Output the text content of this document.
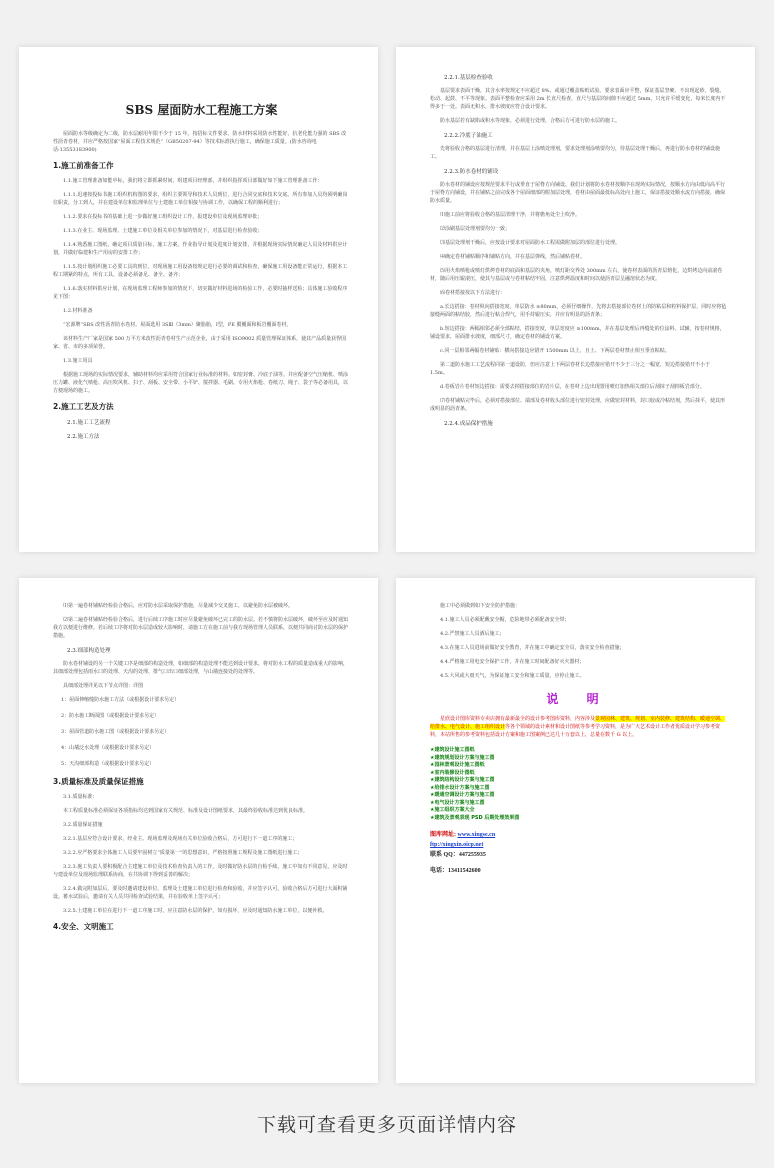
SBS 屋面防水工程施工方案
屋面防水等级确定为二级，防水层耐用年限不少于 15 年。按招标文件要求，防水材料采用防水性能好、抗老化能力强的 SBS 改性沥青卷材，并应严格按国家“屋面工程技术规范”（GB50207-94）等技术标准执行施工，确保施工质量。(防水咨询电话:13553183900)
1.施工前准备工作
1.1.施工管理准备如能中标，我们将立即抓紧时间，组建项目经理部，并组织指挥项目部做好如下施工管理准备工作：
1.1.1.迅速按投标书施工组织机构图的要求，组织主要领导和技术人员到位，进行合同交底和技术交底。所有参加人员均须明确岗位职责，分工到人，并在建设单位和监理单位与土建施工单位相接与协调工作，以确保工程的顺利进行；
1.1.2.要求在投标书的基础上进一步做好施工组织设计工作，报建设单位及现场监理审批；
1.1.3.在业主、现场监理、土建施工单位及相关单位参加的情况下，对基层进行检查验收；
1.1.4.熟悉施工图纸，确定项目质量目标，施工方案，作业指导计划及进度计划安排，并根据现场实际情况确定人员及材料供应计划，并做好临建和生产用房的安排工作；
1.1.5.按计划组织施工必要工具的到位，对现场施工用设备按规定进行必要的调试和检查，确保施工用设备能正常运行，根据本工程工期紧的特点，所有工具、设备必须备足、备全、备齐；
1.1.6.落实材料供应计划，在现场监理工程师参加的情况下，切实做好材料进场的检验工作，必要时抽样送检；具体施工验收程序见下图：
1.2.材料准备
“宏源牌”SBS 改性沥青防水卷材。屋面选用 3SⅢ（3mm）聚脂胎，Ⅰ型，PE 膜覆面和板岩覆面卷材。
该材料生产厂家是国家 500 万平方米改性沥青卷材生产示范企业，由于采用 ISO9002 质量管理保证体系，使其产品质量获得国家、省、市的多项荣誉。
1.3.施工用具
根据施工现场的实际情况要求，辅助材料均应采用符合国家行业标准的材料。如密封膏、冷底子油等。并应配备空气压缩机、喷涂压力罐、液化气喷枪、高压吹风机、扫子、刮板、安全带、小平铲、搅拌器、毛刷、专用火焰枪、卷纸刀、绳子、袋子等必备用具，以方便现场的施工。
2.施工工艺及方法
2.1.施工工艺流程
2.2.施工方法
2.2.1.基层检查验收
基层要求表面干燥，其含水率按规定不应超过 8%，或通过覆盖贴纸试验。要求表面应平整，保证基层坚硬、不出现起砂、裂缝、松动、起鼓、不平等现象。表面平整检查应采用 2m 长直尺检查，直尺与基层的间隙不应超过 5mm，只允许平缓变化，每米长度内不得多于一处。表面无积水，排水坡度应符合设计要求。
防水基层若有缺陷或积水等现象，必须进行处理，合格后方可进行防水层的施工。
2.2.2.冷底子油施工
先将验收合格的基层进行清理，并在基层上涂喷处理剂，要求处理剂涂喷要均匀，待基层处理干燥后，再进行防水卷材的铺设施工。
2.2.3.防水卷材的铺设
防水卷材的铺设应按规范要求平行或垂直于屋脊方向铺设。我们计划将防水卷材按顺序在现场实际情况，按顺水方向由低向高平行于屋脊方向铺设，并在铺贴之前完成各个屋面细部的附加层处理，卷材由屋面最低标高处向上施工，保证搭接处顺水流方向搭接，确保防水质量。
⑴施工前应将验收合格的基层清理干净，并将檐角处尘土吹净。
⑵涂刷基层处理剂要均匀一致；
⑶基层处理剂干燥后，应按设计要求对屋面防水工程需做附加层的部位进行处理。
⑷确定卷材铺贴顺序和铺贴方向，并在基层弹线，然后铺贴卷材。
⑸用火焰喷枪或喷灯烘烤卷材的底面和基层的夹角，喷灯距交界处 300mm 左右，使卷材表面的沥青层熔化，边烘烤边向前滚卷材，随后用压辊滚压，使其与基层或与卷材粘结牢固，注意烘烤温度和时间以使沥青层呈融溶状态为度。
⑹卷材搭接按以下方法进行：
a.长边搭接：卷材纵向搭接宽度，单层防水 ≥80mm，必须仔细操作，先将去搭接部位卷材上的防粘层和粒料保护层，同时应将毡接缝两面的粘结胶，然后进行粘合焊气，用手持辊压实，并应有明显的沥青条；
b.短边搭接：两幅相邻必须全部粘结，搭接宽度，单层宽度应 ≥100mm，并在基层处理后再缝处的位涂料、试辅，按卷材规格，铺设要求，屋面排水坡度，细部尺寸，确定卷材的铺设方案。
c.同一层相邻两幅卷材铺贴：横向搭接边应错开 1500mm 以上，且上、下两层卷材禁止相互垂直粘贴。
第二道防水施工工艺流程同第一道设防，但应注意上下两层卷材长边搭接应错开不少于三分之一幅宽，短边搭接错开不小于 1.5m。
d.卷板岩片卷材短边搭接：需要去掉搭接部位的岩片层，在卷材上边出现置用喷灯加热相关部位后刮抹子刮掉板岩部分。
⑺卷材铺贴完毕后，必须对搭接部位、端部及卷材收头部位进行密封处理，应做密封材料，封口胶或冷粘结剂，然后抹平，使其形成明显的沥青条。
2.2.4.成品保护措施
⑴第一遍卷材铺贴经检验合格后，应对防水层采取保护措施，尽量减少交叉施工，以避免防水层被破坏。
⑵第二遍卷材铺贴经检验合格后，进行后续工序施工时应尽量避免破坏已完工的防水层。若不慎将防水层破坏，破坏至应及时通知我方以便进行维修。若后续工序将对防水层造成较大影响时，请施工方在施工前与我方现场管理人员联系，以便共同商讨防水层的保护措施。
2.3.细部构造处理
防水卷材铺设的另一个关键工序是细部的构造处理，如细部的构造处理不能达到设计要求，将对防水工程的质量造成重大的影响，其细部处理包括雨水口的处理、天沟的处理、排气口出口细部处理，与山墙连接处的处理等。
具细部处理详见以下节点详图：详图
1：屋面伸缩缝防水施工方法（或根据设计要求另定）
2：防水施工断面图（或根据设计要求另定）
3：屋面管道防水施工图（或根据设计要求另定）
4：山墙泛水处理（或根据设计要求另定）
5：天沟细部构造（或根据设计要求另定）
3.质量标准及质量保证措施
3.1.质量标准：
本工程质量标准必须保证各项指标均达到国家有关规范、标准及设计图纸要求，其最终验收标准达到优良标准。
3.2.质量保证措施
3.2.1.基层应符合设计要求，经业主、现场监理及现场有关单位验收合格后，方可进行下一道工序的施工；
3.2.2.应严格要求全体施工人员要牢固树立“质量第一”的思想意识，严格按照施工规程及施工图纸进行施工；
3.2.3.施工负责人要积极配合主建施工单位及技术检查负责人的工作，及时做好防水层的自检手续，施工中如有不同意见，应及时与建设单位及现场监理联系协商，在共协调下得到妥善的解决；
3.2.4.做完附加层后，要及时邀请建设单位、监理及土建施工单位进行检查和验收，并应签字认可，验收合格后方可进行大面积铺设。蓄水试验后，邀请有关人员共同检查试验结果，并在验收单上签字认可；
3.2.5.土建施工单位在进行下一道工序施工时，应注意防水层的保护，如有损坏，应及时通知防水施工单位，以便补救。
4.安全、文明施工
施工中必须做到如下安全防护措施：
4.1.施工人员必须配戴安全帽，危险地带必须配备安全带；
4.2.严禁施工人员酒后施工；
4.3.在施工人员进场前做好安全教育，并在施工中确定安全员，落实安全检查措施；
4.4.严格施工用电安全保护工作，并在施工时间配备好灭火器材；
4.5.大风或大雨天气，为保证施工安全和施工质量，应停止施工。
说 明
星欣设计图库资料专卖店拥有最新最全的设计参考图库资料，内容涉及景观园林、建筑、规划、室内装修、建筑结构、暖通空调、给排水、电气设计、施工组织设计等各个领域的设计素材和设计图纸等参考学习资料，是为广大艺术设计工作者优质设计学习参考资料，本站所售的参考资料包括设计方案和施工图案例已达几十万套以上，总量在数千 G 以上。
★建筑设计施工图纸
★建筑规划设计方案与施工图
★园林景观设计施工图纸
★室内装修设计图纸
★建筑结构设计方案与施工图
★给排水设计方案与施工图
★暖通空调设计方案与施工图
★电气设计方案与施工图
★施工组织方案大全
★建筑及景观表现 PSD 后期处理效果图
图库网址: www.xingse.cn
ftp://xingxin.oicp.net
联系 QQ：447255935
电话：13411542600
下载可查看更多页面详情内容
